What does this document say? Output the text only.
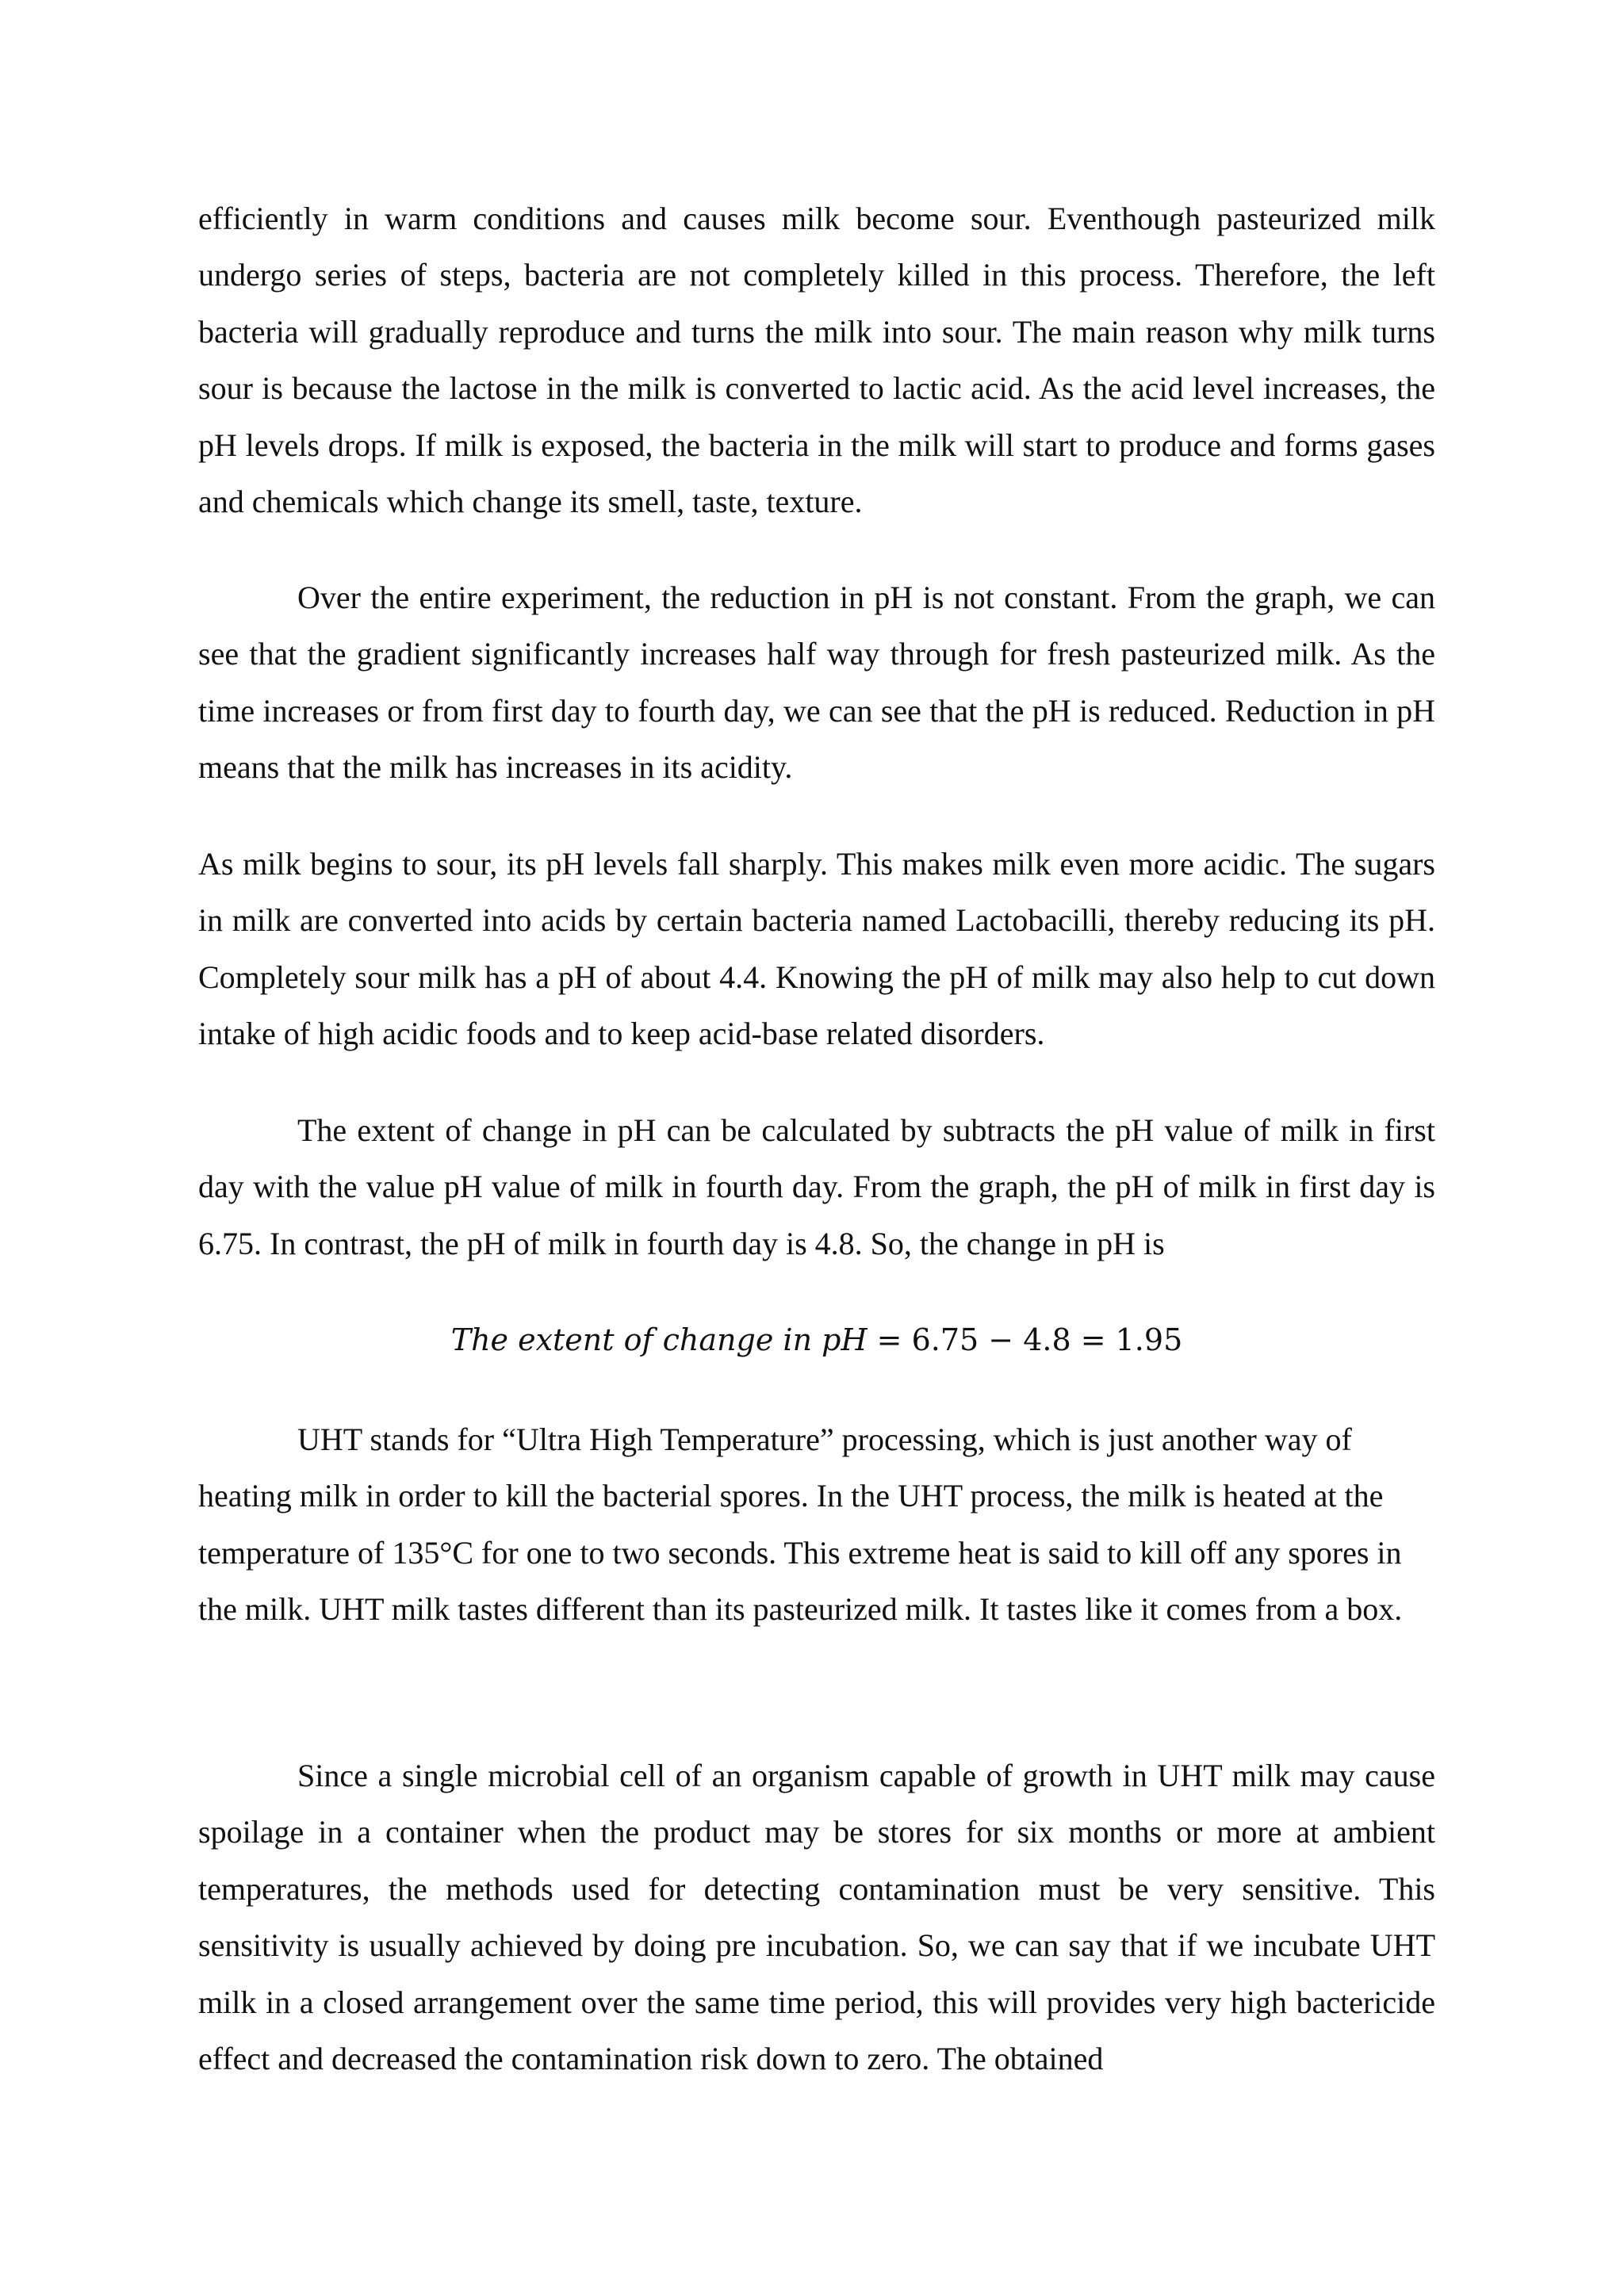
efficiently in warm conditions and causes milk become sour. Eventhough pasteurized milk undergo series of steps, bacteria are not completely killed in this process. Therefore, the left bacteria will gradually reproduce and turns the milk into sour. The main reason why milk turns sour is because the lactose in the milk is converted to lactic acid. As the acid level increases, the pH levels drops. If milk is exposed, the bacteria in the milk will start to produce and forms gases and chemicals which change its smell, taste, texture.

Over the entire experiment, the reduction in pH is not constant. From the graph, we can see that the gradient significantly increases half way through for fresh pasteurized milk. As the time increases or from first day to fourth day, we can see that the pH is reduced. Reduction in pH means that the milk has increases in its acidity.

As milk begins to sour, its pH levels fall sharply. This makes milk even more acidic. The sugars in milk are converted into acids by certain bacteria named Lactobacilli, thereby reducing its pH. Completely sour milk has a pH of about 4.4. Knowing the pH of milk may also help to cut down intake of high acidic foods and to keep acid-base related disorders.

The extent of change in pH can be calculated by subtracts the pH value of milk in first day with the value pH value of milk in fourth day. From the graph, the pH of milk in first day is 6.75. In contrast, the pH of milk in fourth day is 4.8. So, the change in pH is

The extent of change in pH = 6.75 − 4.8 = 1.95

UHT stands for “Ultra High Temperature” processing, which is just another way of heating milk in order to kill the bacterial spores. In the UHT process, the milk is heated at the temperature of 135°C for one to two seconds. This extreme heat is said to kill off any spores in the milk. UHT milk tastes different than its pasteurized milk. It tastes like it comes from a box.

Since a single microbial cell of an organism capable of growth in UHT milk may cause spoilage in a container when the product may be stores for six months or more at ambient temperatures, the methods used for detecting contamination must be very sensitive. This sensitivity is usually achieved by doing pre incubation. So, we can say that if we incubate UHT milk in a closed arrangement over the same time period, this will provides very high bactericide effect and decreased the contamination risk down to zero. The obtained
